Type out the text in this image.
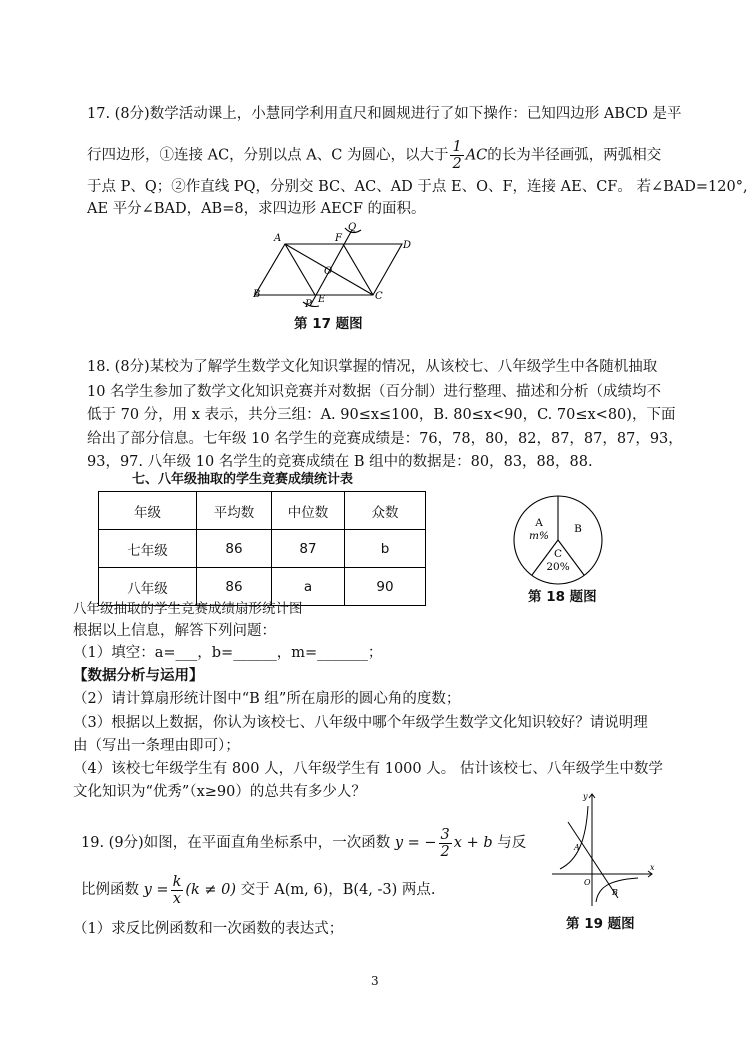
17. (8分)数学活动课上，小慧同学利用直尺和圆规进行了如下操作：已知四边形 ABCD 是平
行四边形，①连接 AC，分别以点 A、C 为圆心，以大于 $\frac{1}{2}$ AC的长为半径画弧，两弧相交
于点 P、Q；②作直线 PQ，分别交 BC、AC、AD 于点 E、O、F，连接 AE、CF。 若∠BAD=120°,
AE 平分∠BAD，AB=8，求四边形 AECF 的面积。
A	F
Q
D
O
B
P E	C
第 17 题图
18. (8分)某校为了解学生数学文化知识掌握的情况，从该校七、八年级学生中各随机抽取
10 名学生参加了数学文化知识竞赛并对数据（百分制）进行整理、描述和分析（成绩均不
低于 70 分，用 x 表示，共分三组：A. 90≤x≤100，B. 80≤x<90，C. 70≤x<80)，下面
给出了部分信息。七年级 10 名学生的竞赛成绩是：76，78，80，82，87，87，87，93，
93，97. 八年级 10 名学生的竞赛成绩在 B 组中的数据是：80，83，88，88.
七、八年级抽取的学生竞赛成绩统计表
年级	平均数	中位数	众数
七年级	86	87	b
八年级	86	a	90
A
m%
B
C
20%
第 18 题图
八年级抽取的学生竞赛成绩扇形统计图
根据以上信息，解答下列问题：
（1）填空：a=___，b=______，m=_______；
【数据分析与运用】
（2）请计算扇形统计图中“B 组”所在扇形的圆心角的度数；
（3）根据以上数据，你认为该校七、八年级中哪个年级学生数学文化知识较好？请说明理
由（写出一条理由即可）；
（4）该校七年级学生有 800 人，八年级学生有 1000 人。 估计该校七、八年级学生中数学
文化知识为“优秀”（x≥90）的总共有多少人？
19. (9分)如图，在平面直角坐标系中，一次函数 y = − $\frac{3}{2}$ x + b 与反
比例函数 $y = \frac{k}{x} (k \ne 0)$ 交于 A(m, 6)，B(4, -3) 两点.
（1）求反比例函数和一次函数的表达式；
y
x
O
A
B
第 19 题图
3
